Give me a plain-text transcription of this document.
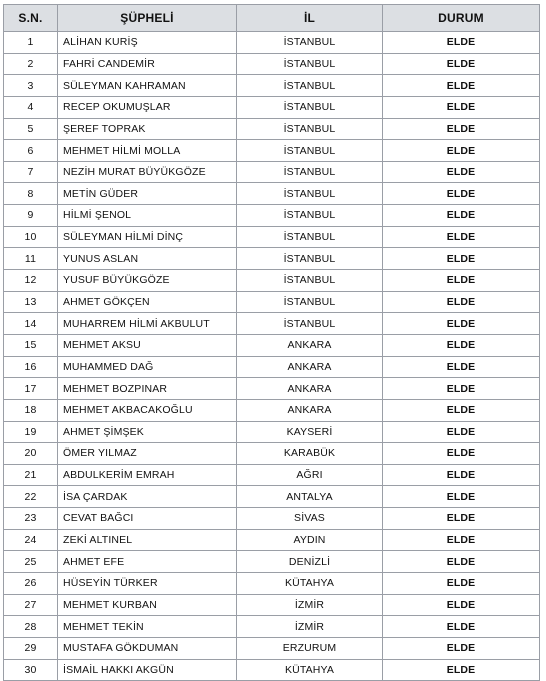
S.N.	ŞÜPHELİ	İL	DURUM
1	ALİHAN KURİŞ	İSTANBUL	ELDE
2	FAHRİ CANDEMİR	İSTANBUL	ELDE
3	SÜLEYMAN KAHRAMAN	İSTANBUL	ELDE
4	RECEP OKUMUŞLAR	İSTANBUL	ELDE
5	ŞEREF TOPRAK	İSTANBUL	ELDE
6	MEHMET HİLMİ MOLLA	İSTANBUL	ELDE
7	NEZİH MURAT BÜYÜKGÖZE	İSTANBUL	ELDE
8	METİN GÜDER	İSTANBUL	ELDE
9	HİLMİ ŞENOL	İSTANBUL	ELDE
10	SÜLEYMAN HİLMİ DİNÇ	İSTANBUL	ELDE
11	YUNUS ASLAN	İSTANBUL	ELDE
12	YUSUF BÜYÜKGÖZE	İSTANBUL	ELDE
13	AHMET GÖKÇEN	İSTANBUL	ELDE
14	MUHARREM HİLMİ AKBULUT	İSTANBUL	ELDE
15	MEHMET AKSU	ANKARA	ELDE
16	MUHAMMED DAĞ	ANKARA	ELDE
17	MEHMET BOZPINAR	ANKARA	ELDE
18	MEHMET AKBACAKOĞLU	ANKARA	ELDE
19	AHMET ŞİMŞEK	KAYSERİ	ELDE
20	ÖMER YILMAZ	KARABÜK	ELDE
21	ABDULKERİM EMRAH	AĞRI	ELDE
22	İSA ÇARDAK	ANTALYA	ELDE
23	CEVAT BAĞCI	SİVAS	ELDE
24	ZEKİ ALTINEL	AYDIN	ELDE
25	AHMET EFE	DENİZLİ	ELDE
26	HÜSEYİN TÜRKER	KÜTAHYA	ELDE
27	MEHMET KURBAN	İZMİR	ELDE
28	MEHMET TEKİN	İZMİR	ELDE
29	MUSTAFA GÖKDUMAN	ERZURUM	ELDE
30	İSMAİL HAKKI AKGÜN	KÜTAHYA	ELDE
